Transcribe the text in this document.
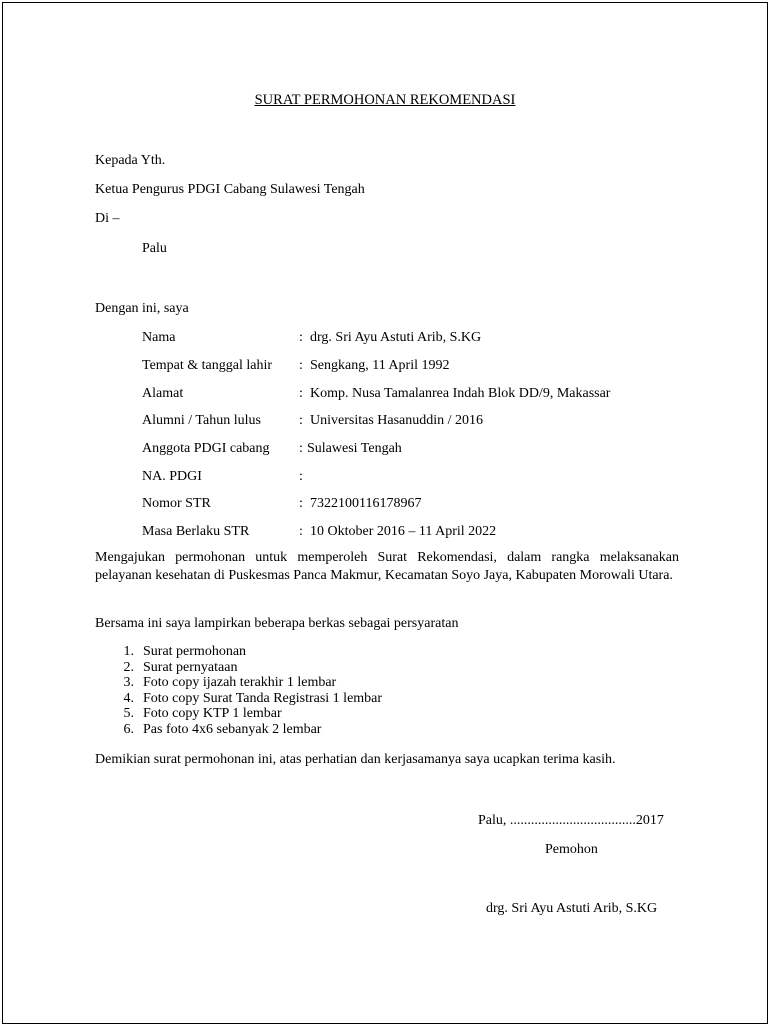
SURAT PERMOHONAN REKOMENDASI
Kepada Yth.
Ketua Pengurus PDGI Cabang Sulawesi Tengah
Di –
Palu
Dengan ini, saya
Nama	: drg. Sri Ayu Astuti Arib, S.KG
Tempat & tanggal lahir : Sengkang, 11 April 1992
Alamat	: Komp. Nusa Tamalanrea Indah Blok DD/9, Makassar
Alumni / Tahun lulus	: Universitas Hasanuddin / 2016
Anggota PDGI cabang : Sulawesi Tengah
NA. PDGI	:
Nomor STR	: 7322100116178967
Masa Berlaku STR	: 10 Oktober 2016 – 11 April 2022
Mengajukan permohonan untuk memperoleh Surat Rekomendasi, dalam rangka melaksanakan pelayanan kesehatan di Puskesmas Panca Makmur, Kecamatan Soyo Jaya, Kabupaten Morowali Utara.
Bersama ini saya lampirkan beberapa berkas sebagai persyaratan
1. Surat permohonan
2. Surat pernyataan
3. Foto copy ijazah terakhir 1 lembar
4. Foto copy Surat Tanda Registrasi 1 lembar
5. Foto copy KTP 1 lembar
6. Pas foto 4x6 sebanyak 2 lembar
Demikian surat permohonan ini, atas perhatian dan kerjasamanya saya ucapkan terima kasih.
Palu, ....................................2017
Pemohon
drg. Sri Ayu Astuti Arib, S.KG
